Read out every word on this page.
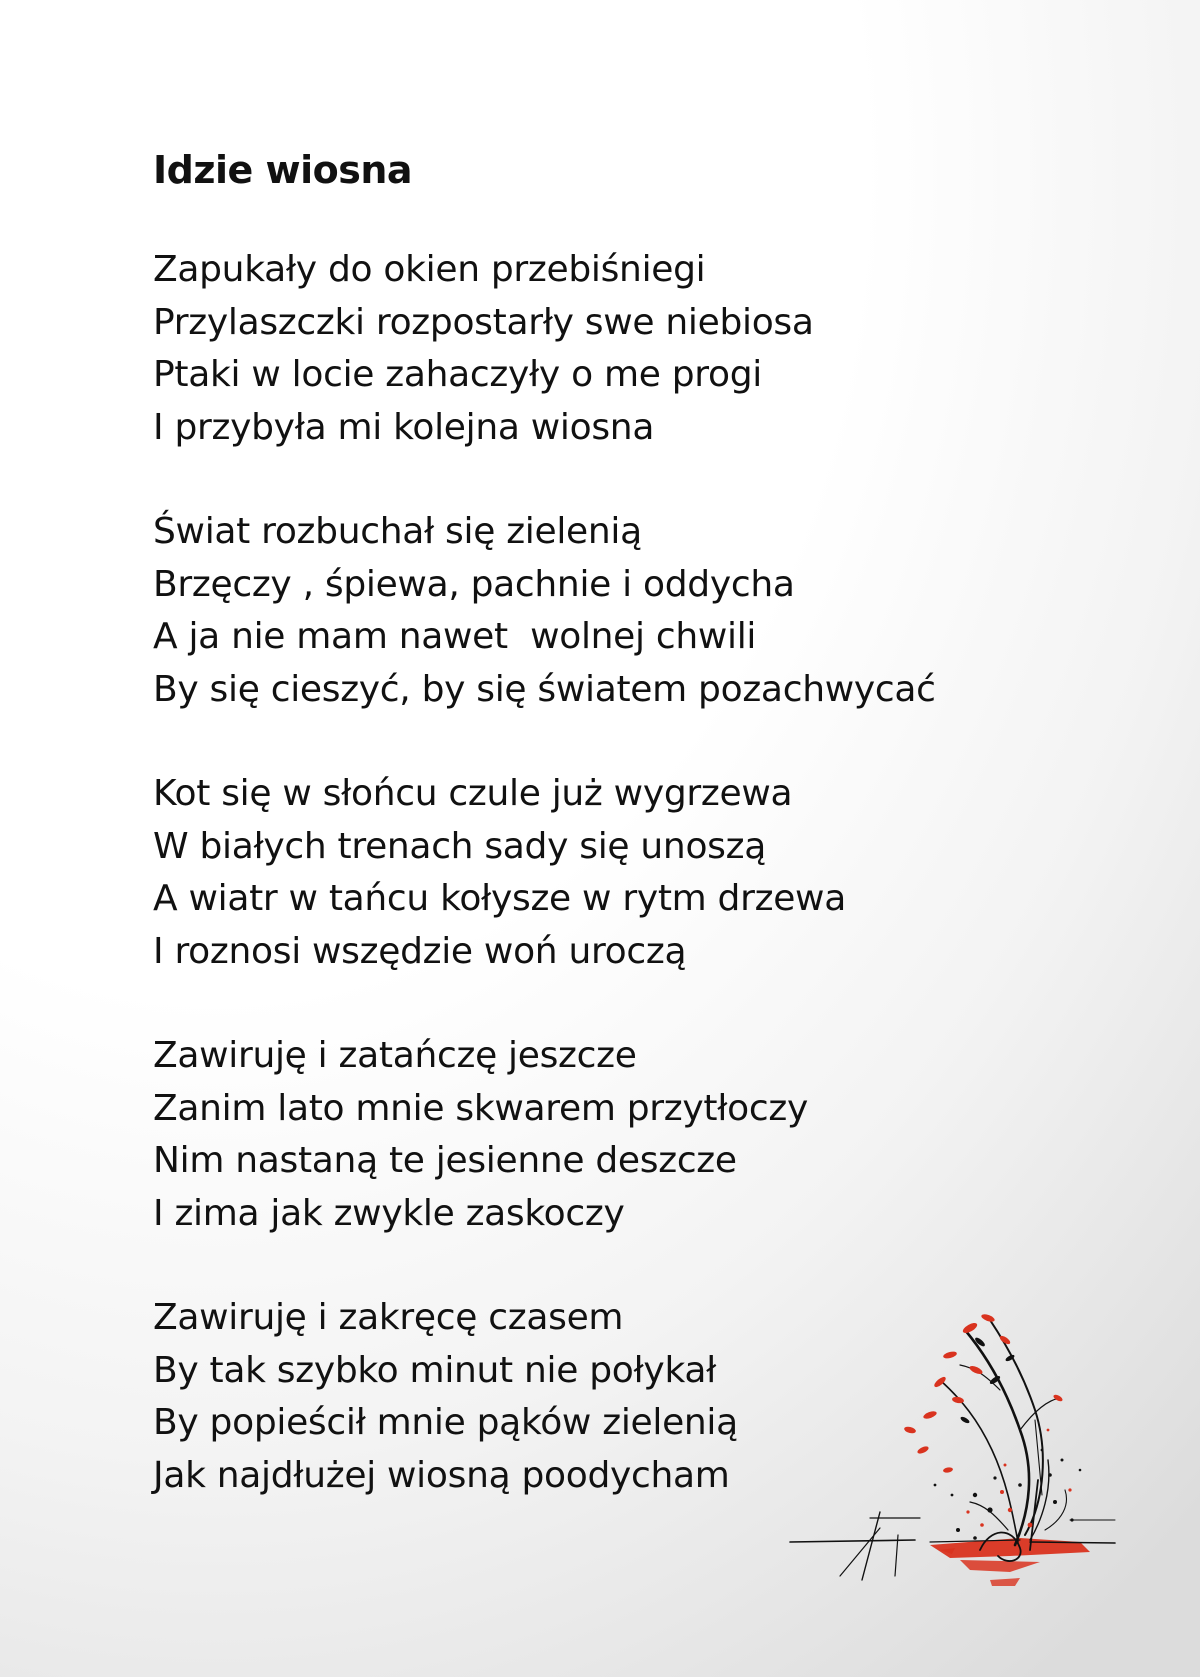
Idzie wiosna
Zapukały do okien przebiśniegi
Przylaszczki rozpostarły swe niebiosa
Ptaki w locie zahaczyły o me progi
I przybyła mi kolejna wiosna
Świat rozbuchał się zielenią
Brzęczy , śpiewa, pachnie i oddycha
A ja nie mam nawet  wolnej chwili
By się cieszyć, by się światem pozachwycać
Kot się w słońcu czule już wygrzewa
W białych trenach sady się unoszą
A wiatr w tańcu kołysze w rytm drzewa
I roznosi wszędzie woń uroczą
Zawiruję i zatańczę jeszcze
Zanim lato mnie skwarem przytłoczy
Nim nastaną te jesienne deszcze
I zima jak zwykle zaskoczy
Zawiruję i zakręcę czasem
By tak szybko minut nie połykał
By popieścił mnie pąków zielenią
Jak najdłużej wiosną poodycham
